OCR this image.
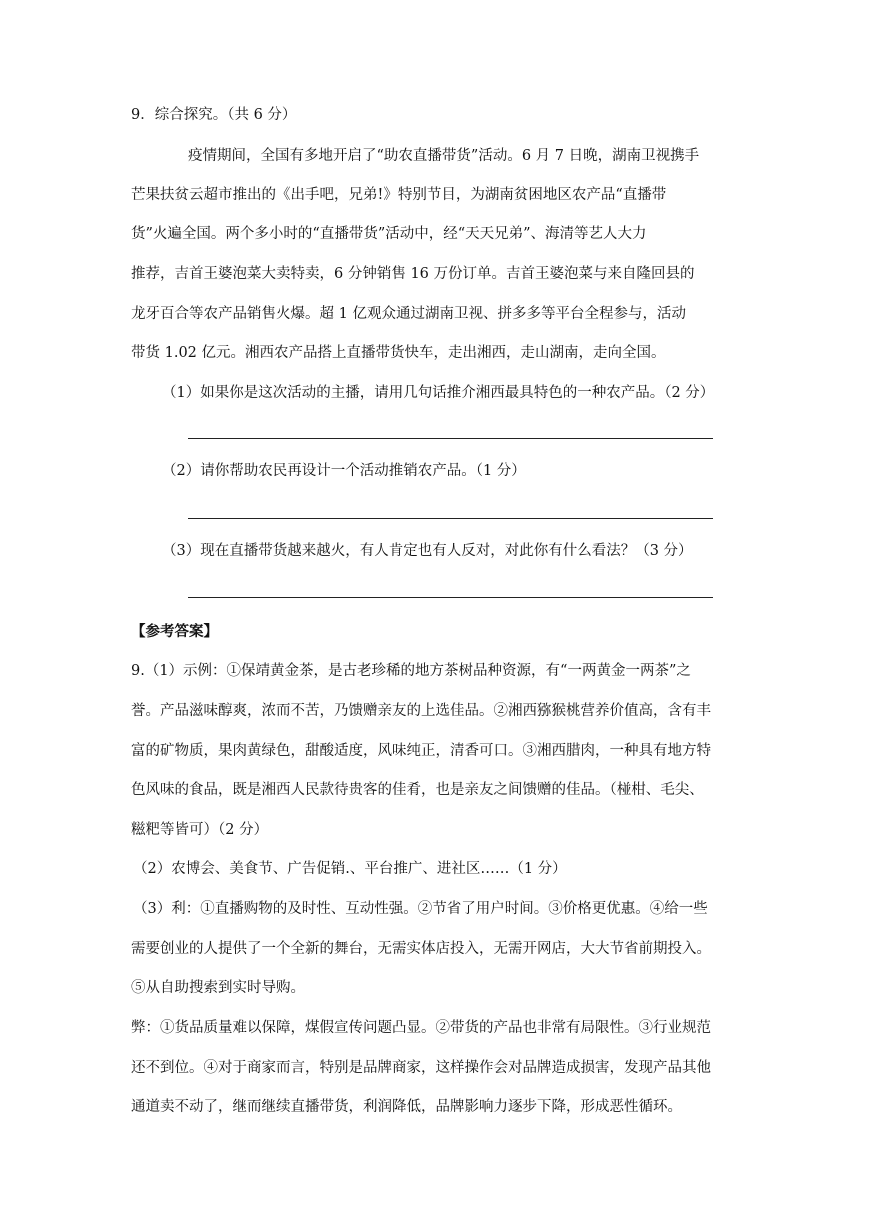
9．综合探究。（共 6 分）
疫情期间，全国有多地开启了“助农直播带货”活动。6 月 7 日晚，湖南卫视携手
芒果扶贫云超市推出的《出手吧，兄弟!》特别节目，为湖南贫困地区农产品“直播带
货”火遍全国。两个多小时的“直播带货”活动中，经“天天兄弟”、海清等艺人大力
推荐，吉首王婆泡菜大卖特卖，6 分钟销售 16 万份订单。吉首王婆泡菜与来自隆回县的
龙牙百合等农产品销售火爆。超 1 亿观众通过湖南卫视、拼多多等平台全程参与，活动
带货 1.02 亿元。湘西农产品搭上直播带货快车，走出湘西，走山湖南，走向全国。
（1）如果你是这次活动的主播，请用几句话推介湘西最具特色的一种农产品。（2 分）
（2）请你帮助农民再设计一个活动推销农产品。（1 分）
（3）现在直播带货越来越火，有人肯定也有人反对，对此你有什么看法？（3 分）
【参考答案】
9.（1）示例：①保靖黄金茶，是古老珍稀的地方茶树品种资源，有“一两黄金一两茶”之
誉。产品滋味醇爽，浓而不苦，乃馈赠亲友的上选佳品。②湘西猕猴桃营养价值高，含有丰
富的矿物质，果肉黄绿色，甜酸适度，风味纯正，清香可口。③湘西腊肉，一种具有地方特
色风味的食品，既是湘西人民款待贵客的佳肴，也是亲友之间馈赠的佳品。（椪柑、毛尖、
糍粑等皆可）（2 分）
（2）农博会、美食节、广告促销.、平台推广、进社区……（1 分）
（3）利：①直播购物的及时性、互动性强。②节省了用户时间。③价格更优惠。④给一些
需要创业的人提供了一个全新的舞台，无需实体店投入，无需开网店，大大节省前期投入。
⑤从自助搜索到实时导购。
弊：①货品质量难以保障，煤假宣传问题凸显。②带货的产品也非常有局限性。③行业规范
还不到位。④对于商家而言，特别是品牌商家，这样操作会对品牌造成损害，发现产品其他
通道卖不动了，继而继续直播带货，利润降低，品牌影响力逐步下降，形成恶性循环。
